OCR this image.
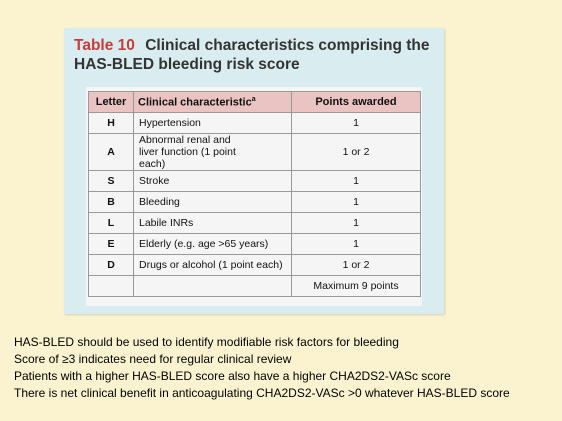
Table 10 Clinical characteristics comprising the
HAS-BLED bleeding risk score
Letter	Clinical characteristic$^a$	Points awarded
H	Hypertension	1
A	Abnormal renal and liver function (1 point each)	1 or 2
S	Stroke	1
B	Bleeding	1
L	Labile INRs	1
E	Elderly (e.g. age >65 years)	1
D	Drugs or alcohol (1 point each)	1 or 2
		Maximum 9 points
HAS-BLED should be used to identify modifiable risk factors for bleeding
Score of ≥3 indicates need for regular clinical review
Patients with a higher HAS-BLED score also have a higher CHA2DS2-VASc score
There is net clinical benefit in anticoagulating CHA2DS2-VASc >0 whatever HAS-BLED score
